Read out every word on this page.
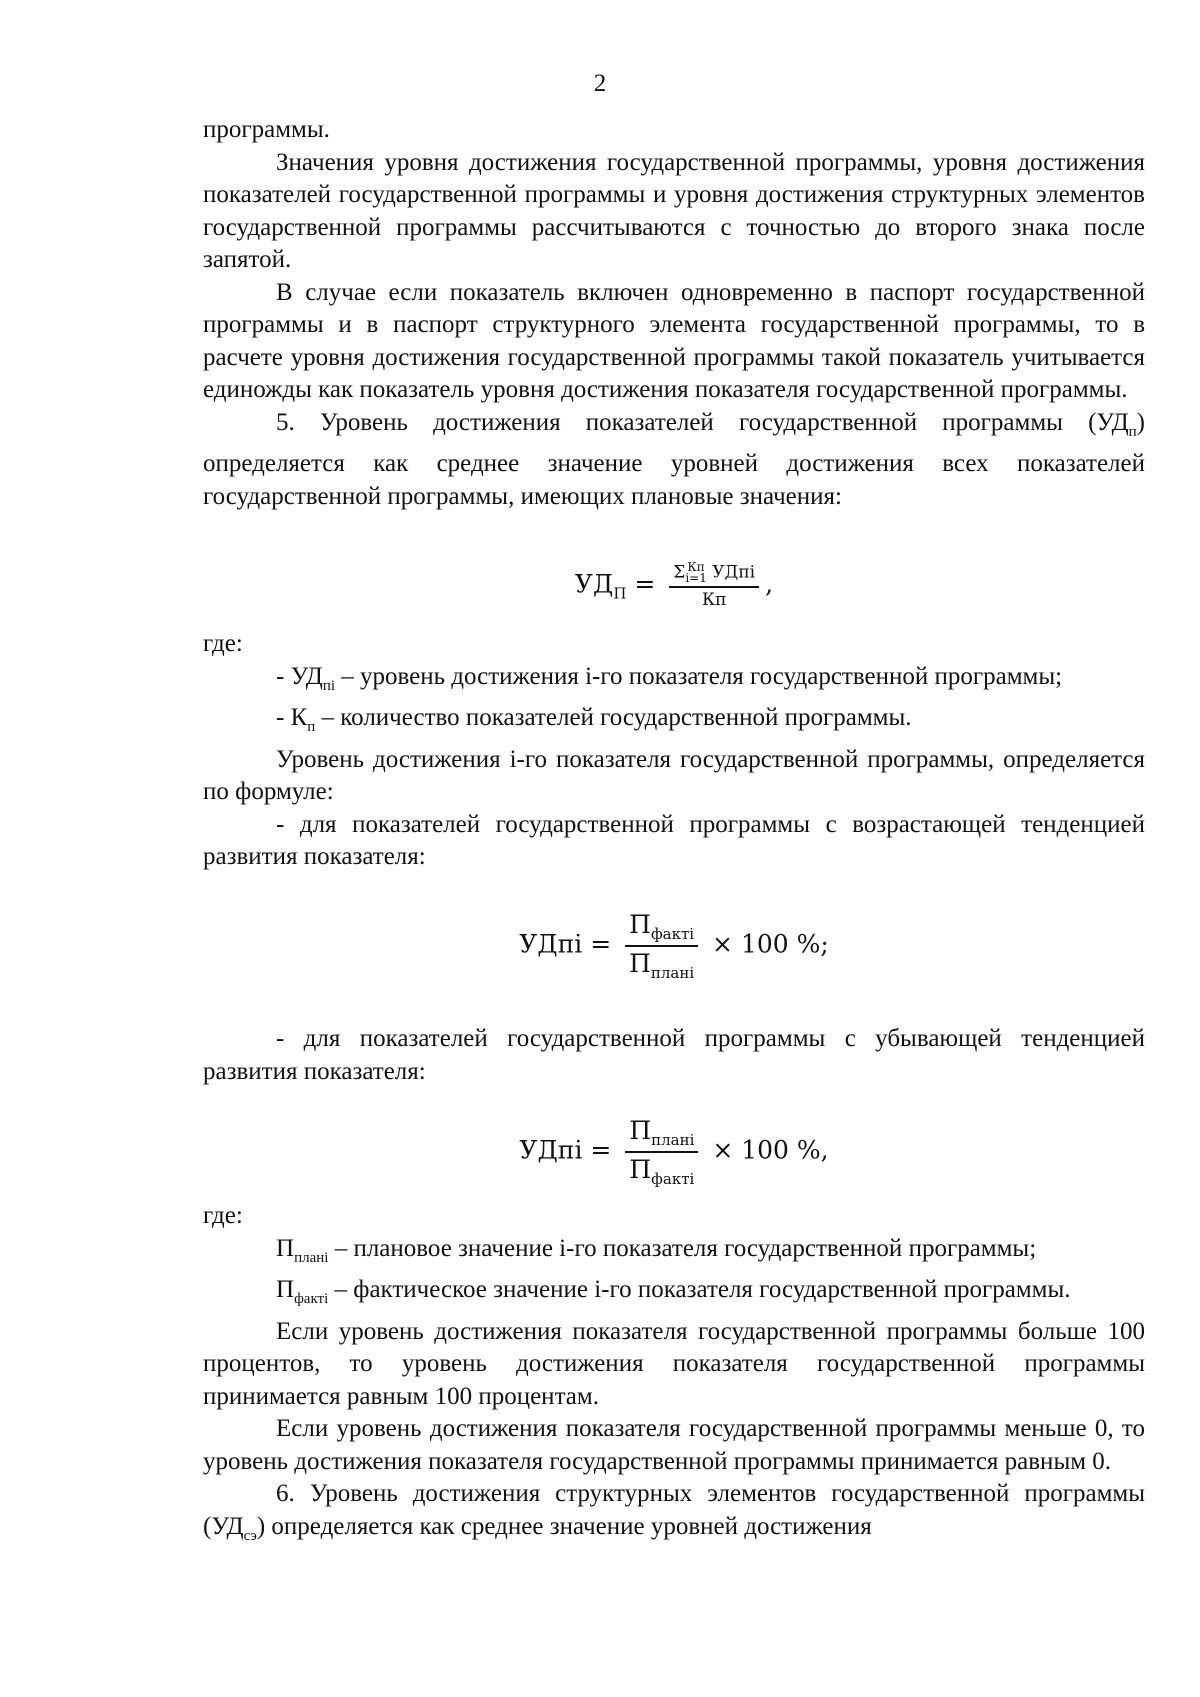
2

программы.

Значения уровня достижения государственной программы, уровня достижения показателей государственной программы и уровня достижения структурных элементов государственной программы рассчитываются с точностью до второго знака после запятой.

В случае если показатель включен одновременно в паспорт государственной программы и в паспорт структурного элемента государственной программы, то в расчете уровня достижения государственной программы такой показатель учитывается единожды как показатель уровня достижения показателя государственной программы.

5. Уровень достижения показателей государственной программы $(УД_п)$ определяется как среднее значение уровней достижения всех показателей государственной программы, имеющих плановые значения:

$УД_П = \Sigma$ Кп
i=1 УДпi
Кп ,

где:

- $УД_{пi}$ – уровень достижения i-го показателя государственной программы;

- $К_п$ – количество показателей государственной программы.

Уровень достижения i-го показателя государственной программы, определяется по формуле:

- для показателей государственной программы с возрастающей тенденцией развития показателя:

УДпi = $\frac{П_{фактi}}{П_{планi}} \times 100$ %;

- для показателей государственной программы с убывающей тенденцией развития показателя:

УДпi = $\frac{П_{планi}}{П_{фактi}} \times 100$ %,

где:

$П_{планi}$ – плановое значение i-го показателя государственной программы;

$П_{фактi}$ – фактическое значение i-го показателя государственной программы.

Если уровень достижения показателя государственной программы больше 100 процентов, то уровень достижения показателя государственной программы принимается равным 100 процентам.

Если уровень достижения показателя государственной программы меньше 0, то уровень достижения показателя государственной программы принимается равным 0.

6. Уровень достижения структурных элементов государственной программы $(УД_{сэ})$ определяется как среднее значение уровней достижения
